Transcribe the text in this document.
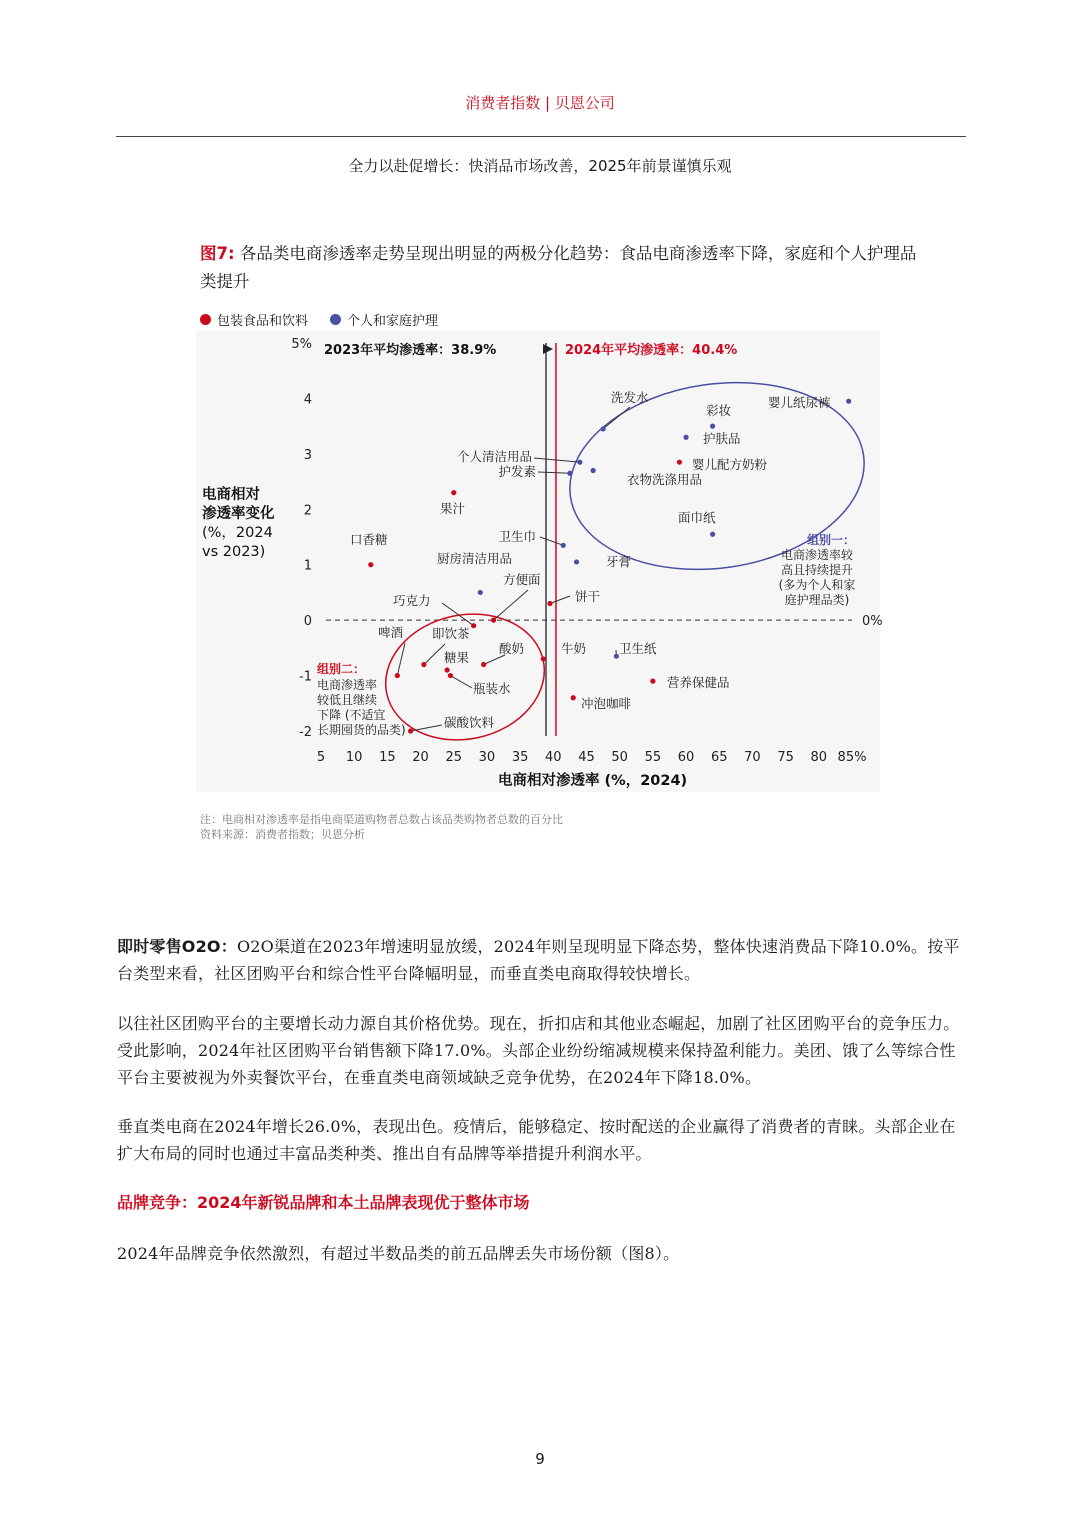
消费者指数 | 贝恩公司
全力以赴促增长：快消品市场改善，2025年前景谨慎乐观
图7: 各品类电商渗透率走势呈现出明显的两极分化趋势：食品电商渗透率下降，家庭和个人护理品类提升
包装食品和饮料	个人和家庭护理
5 10 15 20 25 30 35 40 45 50 55 60 65 70 75 80 85%
5%
4
3
2
1
0
-1
-2
0%
电商相对渗透率 (%，2024)
电商相对
渗透率变化
(%，2024
vs 2023)
2023年平均渗透率：38.9%	2024年平均渗透率：40.4%
组别一：
电商渗透率较
高且持续提升
(多为个人和家
庭护理品类)
组别二：
电商渗透率
较低且继续
下降 (不适宜
长期囤货的品类)
口香糖
果汁
巧克力
方便面
饼干
啤酒 即饮茶
糖果
瓶装水
酸奶	牛奶
营养保健品
冲泡咖啡
碳酸饮料
婴儿配方奶粉
洗发水
彩妆
婴儿纸尿裤
护肤品
个人清洁用品
护发素
衣物洗涤用品
面巾纸
卫生巾
牙膏
厨房清洁用品
卫生纸
注：电商相对渗透率是指电商渠道购物者总数占该品类购物者总数的百分比
资料来源：消费者指数；贝恩分析
即时零售O2O：O2O渠道在2023年增速明显放缓，2024年则呈现明显下降态势，整体快速消费品下降10.0%。按平台类型来看，社区团购平台和综合性平台降幅明显，而垂直类电商取得较快增长。
以往社区团购平台的主要增长动力源自其价格优势。现在，折扣店和其他业态崛起，加剧了社区团购平台的竞争压力。受此影响，2024年社区团购平台销售额下降17.0%。头部企业纷纷缩减规模来保持盈利能力。美团、饿了么等综合性平台主要被视为外卖餐饮平台，在垂直类电商领域缺乏竞争优势，在2024年下降18.0%。
垂直类电商在2024年增长26.0%，表现出色。疫情后，能够稳定、按时配送的企业赢得了消费者的青睐。头部企业在扩大布局的同时也通过丰富品类种类、推出自有品牌等举措提升利润水平。
品牌竞争：2024年新锐品牌和本土品牌表现优于整体市场
2024年品牌竞争依然激烈，有超过半数品类的前五品牌丢失市场份额（图8）。
9
